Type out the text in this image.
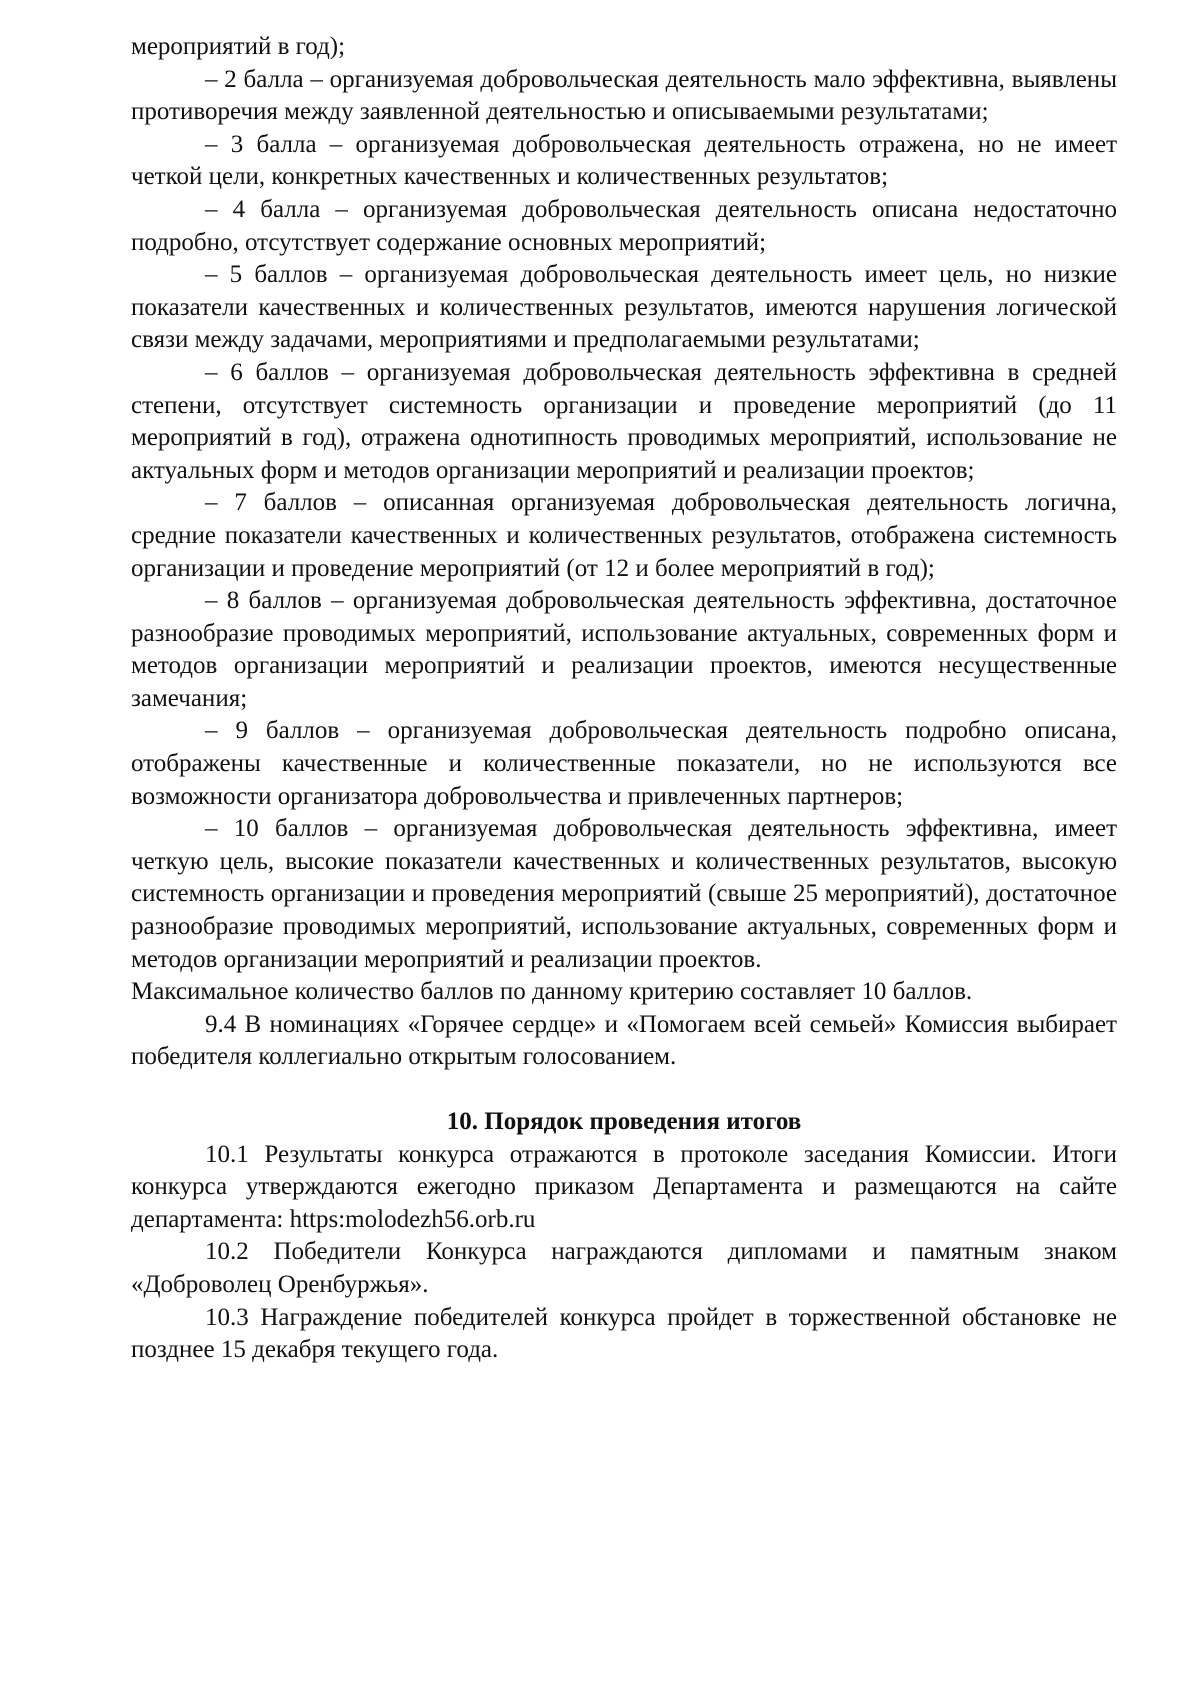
мероприятий в год);

– 2 балла – организуемая добровольческая деятельность мало эффективна, выявлены противоречия между заявленной деятельностью и описываемыми результатами;

– 3 балла – организуемая добровольческая деятельность отражена, но не имеет четкой цели, конкретных качественных и количественных результатов;

– 4 балла – организуемая добровольческая деятельность описана недостаточно подробно, отсутствует содержание основных мероприятий;

– 5 баллов – организуемая добровольческая деятельность имеет цель, но низкие показатели качественных и количественных результатов, имеются нарушения логической связи между задачами, мероприятиями и предполагаемыми результатами;

– 6 баллов – организуемая добровольческая деятельность эффективна в средней степени, отсутствует системность организации и проведение мероприятий (до 11 мероприятий в год), отражена однотипность проводимых мероприятий, использование не актуальных форм и методов организации мероприятий и реализации проектов;

– 7 баллов – описанная организуемая добровольческая деятельность логична, средние показатели качественных и количественных результатов, отображена системность организации и проведение мероприятий (от 12 и более мероприятий в год);

– 8 баллов – организуемая добровольческая деятельность эффективна, достаточное разнообразие проводимых мероприятий, использование актуальных, современных форм и методов организации мероприятий и реализации проектов, имеются несущественные замечания;

– 9 баллов – организуемая добровольческая деятельность подробно описана, отображены качественные и количественные показатели, но не используются все возможности организатора добровольчества и привлеченных партнеров;

– 10 баллов – организуемая добровольческая деятельность эффективна, имеет четкую цель, высокие показатели качественных и количественных результатов, высокую системность организации и проведения мероприятий (свыше 25 мероприятий), достаточное разнообразие проводимых мероприятий, использование актуальных, современных форм и методов организации мероприятий и реализации проектов.

Максимальное количество баллов по данному критерию составляет 10 баллов.

9.4 В номинациях «Горячее сердце» и «Помогаем всей семьей» Комиссия выбирает победителя коллегиально открытым голосованием.

10. Порядок проведения итогов

10.1 Результаты конкурса отражаются в протоколе заседания Комиссии. Итоги конкурса утверждаются ежегодно приказом Департамента и размещаются на сайте департамента: https:molodezh56.orb.ru

10.2 Победители Конкурса награждаются дипломами и памятным знаком «Доброволец Оренбуржья».

10.3 Награждение победителей конкурса пройдет в торжественной обстановке не позднее 15 декабря текущего года.
